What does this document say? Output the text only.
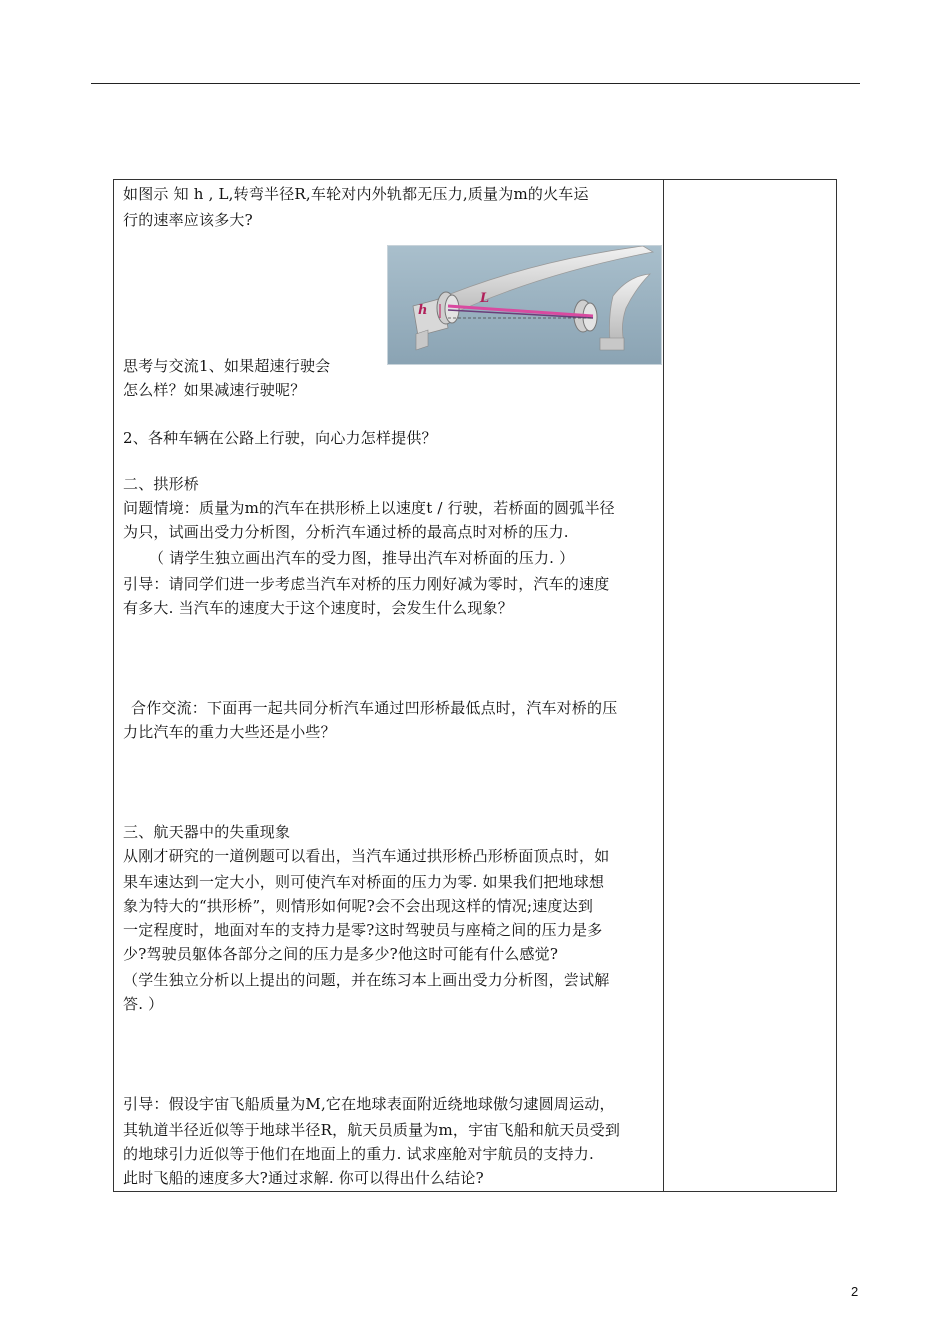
如图示 知 h , L,转弯半径R,车轮对内外轨都无压力,质量为m的火车运
行的速率应该多大?
h
L
思考与交流1、如果超速行驶会
怎么样？如果减速行驶呢？
2、各种车辆在公路上行驶，向心力怎样提供？
二、拱形桥
问题情境：质量为m的汽车在拱形桥上以速度t / 行驶，若桥面的圆弧半径
为只，试画出受力分析图，分析汽车通过桥的最高点时对桥的压力.
（ 请学生独立画出汽车的受力图，推导出汽车对桥面的压力. ）
引导：请同学们进一步考虑当汽车对桥的压力刚好减为零时，汽车的速度
有多大. 当汽车的速度大于这个速度时，会发生什么现象？
合作交流：下面再一起共同分析汽车通过凹形桥最低点时，汽车对桥的压
力比汽车的重力大些还是小些？
三、航天器中的失重现象
从刚才研究的一道例题可以看出，当汽车通过拱形桥凸形桥面顶点时，如
果车速达到一定大小，则可使汽车对桥面的压力为零. 如果我们把地球想
象为特大的“拱形桥”，则情形如何呢?会不会出现这样的情况;速度达到
一定程度时，地面对车的支持力是零?这时驾驶员与座椅之间的压力是多
少?驾驶员躯体各部分之间的压力是多少?他这时可能有什么感觉?
（学生独立分析以上提出的问题，并在练习本上画出受力分析图，尝试解
答. ）
引导：假设宇宙飞船质量为M,它在地球表面附近绕地球傲匀逮圆周运动，
其轨道半径近似等于地球半径R，航天员质量为m，宇宙飞船和航天员受到
的地球引力近似等于他们在地面上的重力. 试求座舱对宇航员的支持力.
此时飞船的速度多大?通过求解. 你可以得出什么结论?
2
